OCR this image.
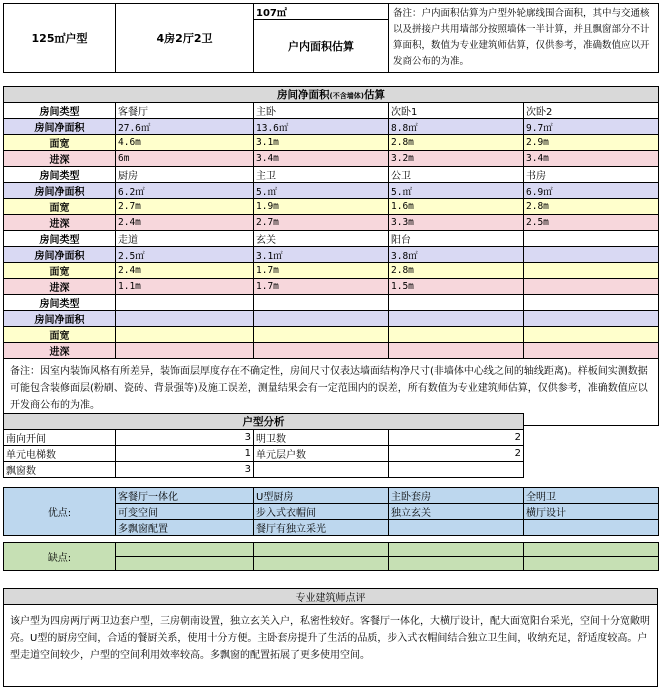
125㎡户型	4房2厅2卫	107㎡	备注：户内面积估算为户型外轮廓线围合面积，其中与交通核以及拼接户共用墙部分按照墙体一半计算，并且飘窗部分不计算面积，数值为专业建筑师估算，仅供参考，准确数值应以开发商公布的为准。
户内面积估算
房间净面积(不含墙体)估算				
房间类型	客餐厅	主卧	次卧1	次卧2
房间净面积	27.6㎡	13.6㎡	8.8㎡	9.7㎡
面宽	4.6m	3.1m	2.8m	2.9m
进深	6m	3.4m	3.2m	3.4m
房间类型	厨房	主卫	公卫	书房
房间净面积	6.2㎡	5.㎡	5.㎡	6.9㎡
面宽	2.7m	1.9m	1.6m	2.8m
进深	2.4m	2.7m	3.3m	2.5m
房间类型	走道	玄关	阳台	
房间净面积	2.5㎡	3.1㎡	3.8㎡	
面宽	2.4m	1.7m	2.8m	
进深	1.1m	1.7m	1.5m	
房间类型				
房间净面积				
面宽				
进深				
备注：因室内装饰风格有所差异，装饰面层厚度存在不确定性，房间尺寸仅表达墙面结构净尺寸(非墙体中心线之间的轴线距离)。样板间实测数据可能包含装修面层(粉刷、瓷砖、背景强等)及施工误差，测量结果会有一定范围内的误差，所有数值为专业建筑师估算，仅供参考，准确数值应以开发商公布的为准。				
户型分析			
南向开间	3	明卫数	2
单元电梯数	1	单元层户数	2
飘窗数	3		
优点:	客餐厅一体化	U型厨房	主卧套房	全明卫
	可变空间	步入式衣帽间	独立玄关	横厅设计
	多飘窗配置	餐厅有独立采光		
缺点:				

专业建筑师点评
该户型为四房两厅两卫边套户型，三房朝南设置，独立玄关入户，私密性较好。客餐厅一体化，大横厅设计，配大面宽阳台采光，空间十分宽敞明亮。U型的厨房空间，合适的餐厨关系，使用十分方便。主卧套房提升了生活的品质，步入式衣帽间结合独立卫生间，收纳充足，舒适度较高。户型走道空间较少，户型的空间利用效率较高。多飘窗的配置拓展了更多使用空间。
